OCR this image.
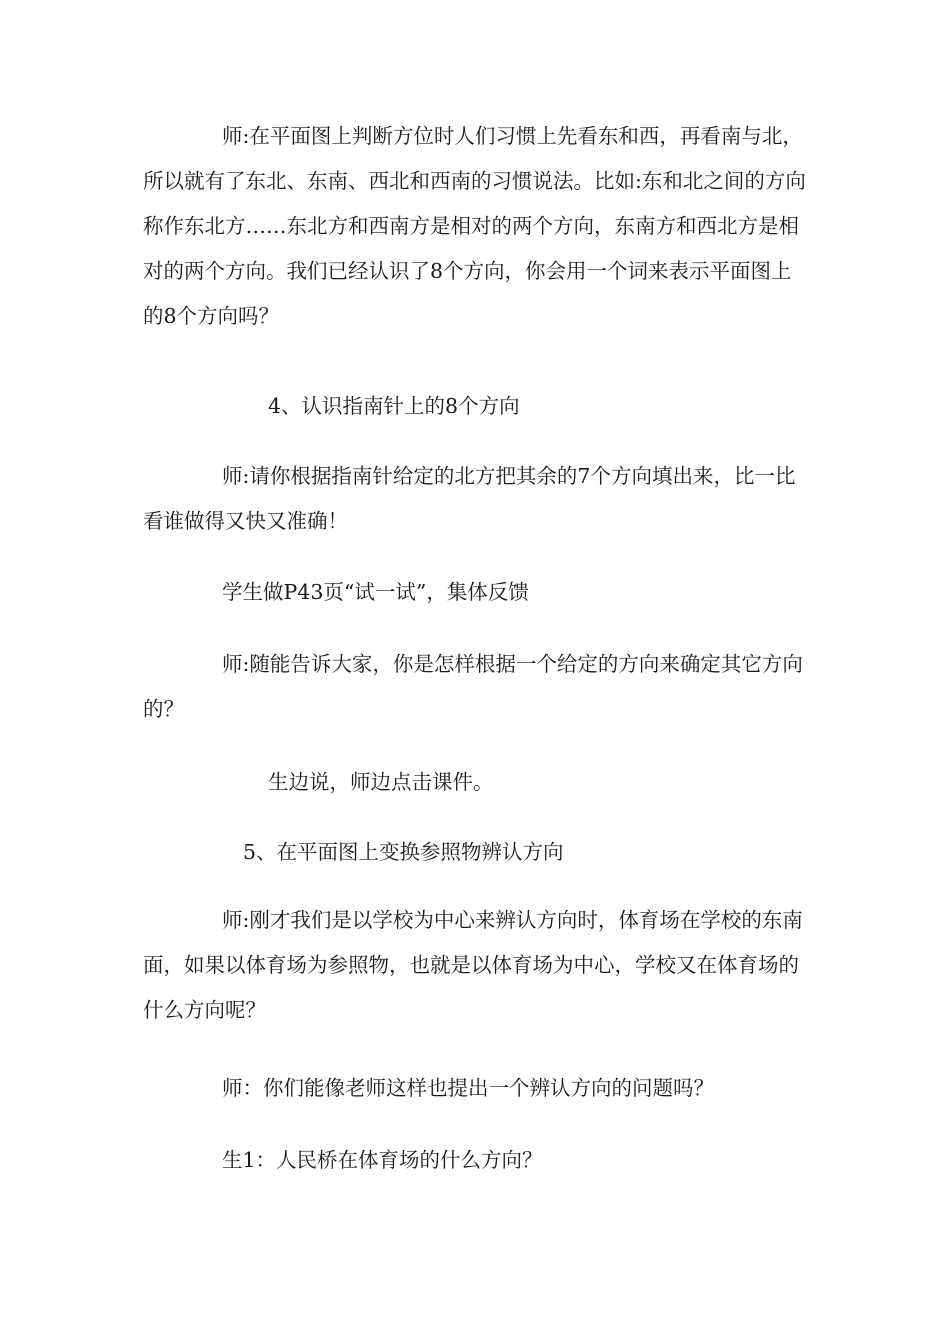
师:在平面图上判断方位时人们习惯上先看东和西，再看南与北，所以就有了东北、东南、西北和西南的习惯说法。比如:东和北之间的方向称作东北方……东北方和西南方是相对的两个方向，东南方和西北方是相对的两个方向。我们已经认识了8个方向，你会用一个词来表示平面图上的8个方向吗？

4、认识指南针上的8个方向

师:请你根据指南针给定的北方把其余的7个方向填出来，比一比看谁做得又快又准确！

学生做P43页“试一试”，集体反馈

师:随能告诉大家，你是怎样根据一个给定的方向来确定其它方向的？

生边说，师边点击课件。

5、在平面图上变换参照物辨认方向

师:刚才我们是以学校为中心来辨认方向时，体育场在学校的东南面，如果以体育场为参照物，也就是以体育场为中心，学校又在体育场的什么方向呢？

师：你们能像老师这样也提出一个辨认方向的问题吗？

生1：人民桥在体育场的什么方向？
